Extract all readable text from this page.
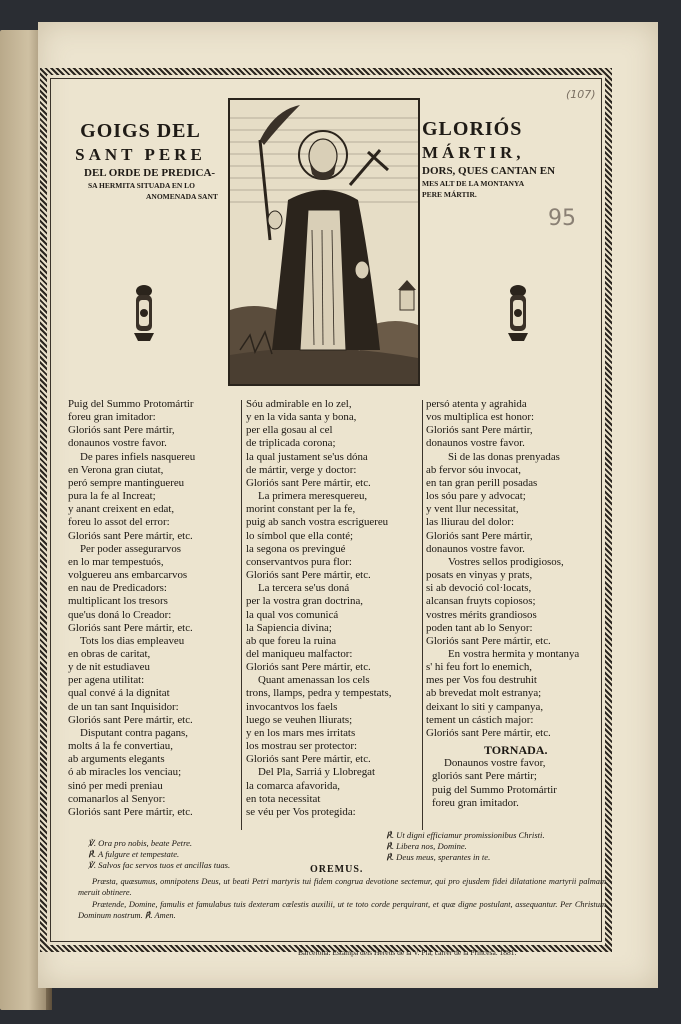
(107)
95
GOIGS DEL
SANT PERE
DEL ORDE DE PREDICA-
SA HERMITA SITUADA EN LO
ANOMENADA SANT
GLORIÓS
MÁRTIR,
DORS, QUES CANTAN EN
MES ALT DE LA MONTANYA
PERE MÁRTIR.
Puig del Summo Protomártir
foreu gran imitador:
Gloriós sant Pere mártir,
donaunos vostre favor.
De pares infiels nasquereu
en Verona gran ciutat,
peró sempre mantinguereu
pura la fe al Increat;
y anant creixent en edat,
foreu lo assot del error:
Gloriós sant Pere mártir, etc.
Per poder assegurarvos
en lo mar tempestuós,
volguereu ans embarcarvos
en nau de Predicadors:
multiplicant los tresors
que'us doná lo Creador:
Gloriós sant Pere mártir, etc.
Tots los dias empleaveu
en obras de caritat,
y de nit estudiaveu
per agena utilitat:
qual convé á la dignitat
de un tan sant Inquisidor:
Gloriós sant Pere mártir, etc.
Disputant contra pagans,
molts á la fe convertiau,
ab arguments elegants
ó ab miracles los venciau;
sinó per medi preniau
comanarlos al Senyor:
Gloriós sant Pere mártir, etc.
Sóu admirable en lo zel,
y en la vida santa y bona,
per ella gosau al cel
de triplicada corona;
la qual justament se'us dóna
de mártir, verge y doctor:
Gloriós sant Pere mártir, etc.
La primera meresquereu,
morint constant per la fe,
puig ab sanch vostra escriguereu
lo símbol que ella conté;
la segona os previngué
conservantvos pura flor:
Gloriós sant Pere mártir, etc.
La tercera se'us doná
per la vostra gran doctrina,
la qual vos comunicá
la Sapiencia divina;
ab que foreu la ruina
del maniqueu malfactor:
Gloriós sant Pere mártir, etc.
Quant amenassan los cels
trons, llamps, pedra y tempestats,
invocantvos los faels
luego se veuhen lliurats;
y en los mars mes irritats
los mostrau ser protector:
Gloriós sant Pere mártir, etc.
Del Pla, Sarriá y Llobregat
la comarca afavorida,
en tota necessitat
se véu per Vos protegida:
persó atenta y agrahida
vos multiplica est honor:
Gloriós sant Pere mártir,
donaunos vostre favor.
Si de las donas prenyadas
ab fervor sóu invocat,
en tan gran perill posadas
los sóu pare y advocat;
y vent llur necessitat,
las lliurau del dolor:
Gloriós sant Pere mártir,
donaunos vostre favor.
Vostres sellos prodigiosos,
posats en vinyas y prats,
si ab devoció col·locats,
alcansan fruyts copiosos;
vostres mérits grandiosos
poden tant ab lo Senyor:
Gloriós sant Pere mártir, etc.
En vostra hermita y montanya
s' hi feu fort lo enemich,
mes per Vos fou destruhit
ab brevedat molt estranya;
deixant lo siti y campanya,
tement un cástich major:
Gloriós sant Pere mártir, etc.
TORNADA.
Donaunos vostre favor,
gloriós sant Pere mártir;
puig del Summo Protomártir
foreu gran imitador.
℣. Ora pro nobis, beate Petre.
℟. A fulgure et tempestate.
℣. Salvos fac servos tuos et ancillas tuas.
℟. Ut digni efficiamur promissionibus Christi.
℟. Libera nos, Domine.
℟. Deus meus, sperantes in te.
OREMUS.

Præsta, quæsumus, omnipotens Deus, ut beati Petri martyris tui fidem congrua devotione sectemur, qui pro ejusdem fidei dilatatione martyrii palmam meruit obtinere.

Prætende, Domine, famulis et famulabus tuis dexteram cœlestis auxilii, ut te toto corde perquirant, et quæ digne postulant, assequantur. Per Christum Dominum nostrum. ℟. Amen.

Barcelona: Estampa dels Hereus de la V. Pla, carrer de la Princesa. 1881.
